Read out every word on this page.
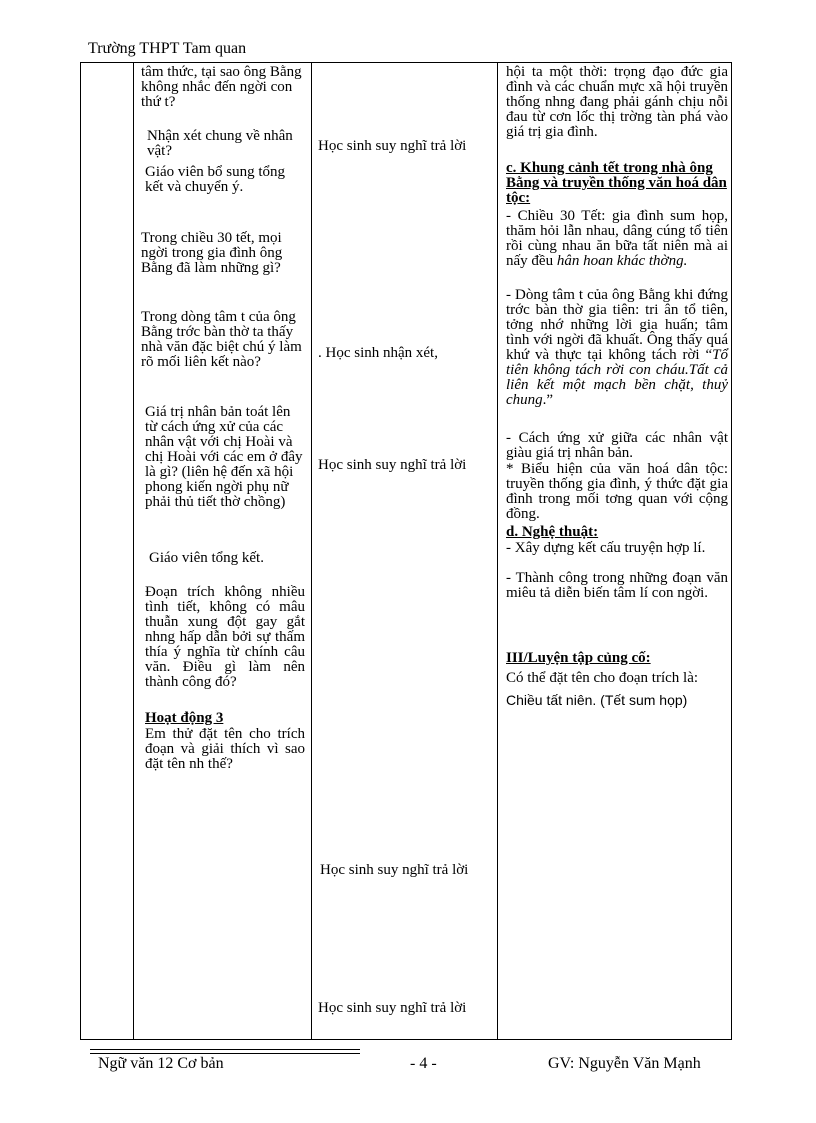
Trường THPT Tam quan
tâm thức, tại sao ông Bằng không nhắc đến ngời con thứ t?
Nhận xét chung về nhân vật?
Giáo viên bổ sung tổng kết và chuyển ý.
Trong chiều 30 tết, mọi ngời trong gia đình ông Bằng đã làm những gì?
Trong dòng tâm t của ông Bằng trớc bàn thờ ta thấy nhà văn đặc biệt chú ý làm rõ mối liên kết nào?
Giá trị nhân bản toát lên từ cách ứng xử của các nhân vật với chị Hoài và chị Hoài với các em ở đây là gì? (liên hệ đến xã hội phong kiến ngời phụ nữ phải thủ tiết thờ chồng)
Giáo viên tổng kết.
Đoạn trích không nhiều tình tiết, không có mâu thuẫn xung đột gay gắt nhng hấp dẫn bởi sự thấm thía ý nghĩa từ chính câu văn. Điều gì làm nên thành công đó?
Hoạt động 3
Em thử đặt tên cho trích đoạn và giải thích vì sao đặt tên nh thế?
Học sinh suy nghĩ trả lời
. Học sinh nhận xét,
Học sinh suy nghĩ trả lời
Học sinh suy nghĩ trả lời
Học sinh suy nghĩ trả lời
hội ta một thời: trọng đạo đức gia đình và các chuẩn mực xã hội truyền thống nhng đang phải gánh chịu nỗi đau từ cơn lốc thị trờng tàn phá vào giá trị gia đình.
c. Khung cảnh tết trong nhà ông Bằng và truyền thống văn hoá dân tộc:
- Chiều 30 Tết: gia đình sum họp, thăm hỏi lẫn nhau, dâng cúng tổ tiên rồi cùng nhau ăn bữa tất niên mà ai nấy đều hân hoan khác thờng.
- Dòng tâm t của ông Bằng khi đứng trớc bàn thờ gia tiên: tri ân tổ tiên, tởng nhớ những lời gia huấn; tâm tình với ngời đã khuất. Ông thấy quá khứ và thực tại không tách rời “Tổ tiên không tách rời con cháu.Tất cả liên kết một mạch bền chặt, thuỷ chung.”
- Cách ứng xử giữa các nhân vật giàu giá trị nhân bản.
* Biểu hiện của văn hoá dân tộc: truyền thống gia đình, ý thức đặt gia đình trong mối tơng quan với cộng đồng.
d. Nghệ thuật:
- Xây dựng kết cấu truyện hợp lí.
- Thành công trong những đoạn văn miêu tả diễn biến tâm lí con ngời.
III/Luyện tập củng cố:
Có thể đặt tên cho đoạn trích là: Chiều tất niên. (Tết sum họp)
Ngữ văn 12 Cơ bản	- 4 -	GV: Nguyễn Văn Mạnh
